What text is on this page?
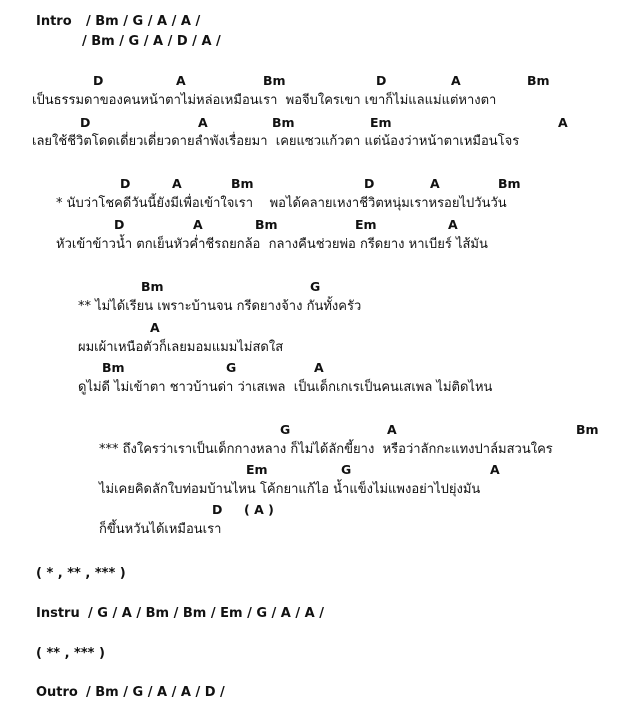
Intro / Bm / G / A / A /
/ Bm / G / A / D / A /
D	A	Bm	D	A	Bm
เป็นธรรมดาของคนหน้าตาไม่หล่อเหมือนเรา  พอจีบใครเขา เขาก็ไม่แลแม่แต่หางตา
D	A	Bm	Em	A
เลยใช้ชีวิตโดดเดี่ยวเดี่ยวดายลำพังเรื่อยมา  เคยแซวแก้วตา แต่น้องว่าหน้าตาเหมือนโจร
D	A	Bm	D	A	Bm
* นับว่าโชคดีวันนี้ยังมีเพื่อเข้าใจเรา    พอได้คลายเหงาชีวิตหนุ่มเราหรอยไปวันวัน
D	A	Bm	Em	A
หัวเข้าข้าวน้ำ ตกเย็นหัวค่ำชีรถยกล้อ  กลางคืนช่วยพ่อ กรีดยาง หาเบียร์ ไส้มัน
Bm	G
** ไม่ได้เรียน เพราะบ้านจน กรีดยางจ้าง กันทั้งครัว
A
ผมเผ้าเหนือตัวก็เลยมอมแมมไม่สดใส
Bm	G	A
ดูไม่ดี ไม่เข้าตา ชาวบ้านด่า ว่าเสเพล  เป็นเด็กเกเรเป็นคนเสเพล ไม่ติดไหน
G	A	Bm
*** ถึงใครว่าเราเป็นเด็กกางหลาง ก็ไม่ได้ลักขี้ยาง  หรือว่าลักกะแทงปาล์มสวนใคร
Em	G	A
ไม่เคยคิดลักใบท่อมบ้านไหน โค้กยาแก้ไอ น้ำแข็งไม่แพงอย่าไปยุ่งมัน
D ( A )
ก็ขึ้นหวันได้เหมือนเรา
( * , ** , *** )
Instru / G / A / Bm / Bm / Em / G / A / A /
( ** , *** )
Outro / Bm / G / A / A / D /
